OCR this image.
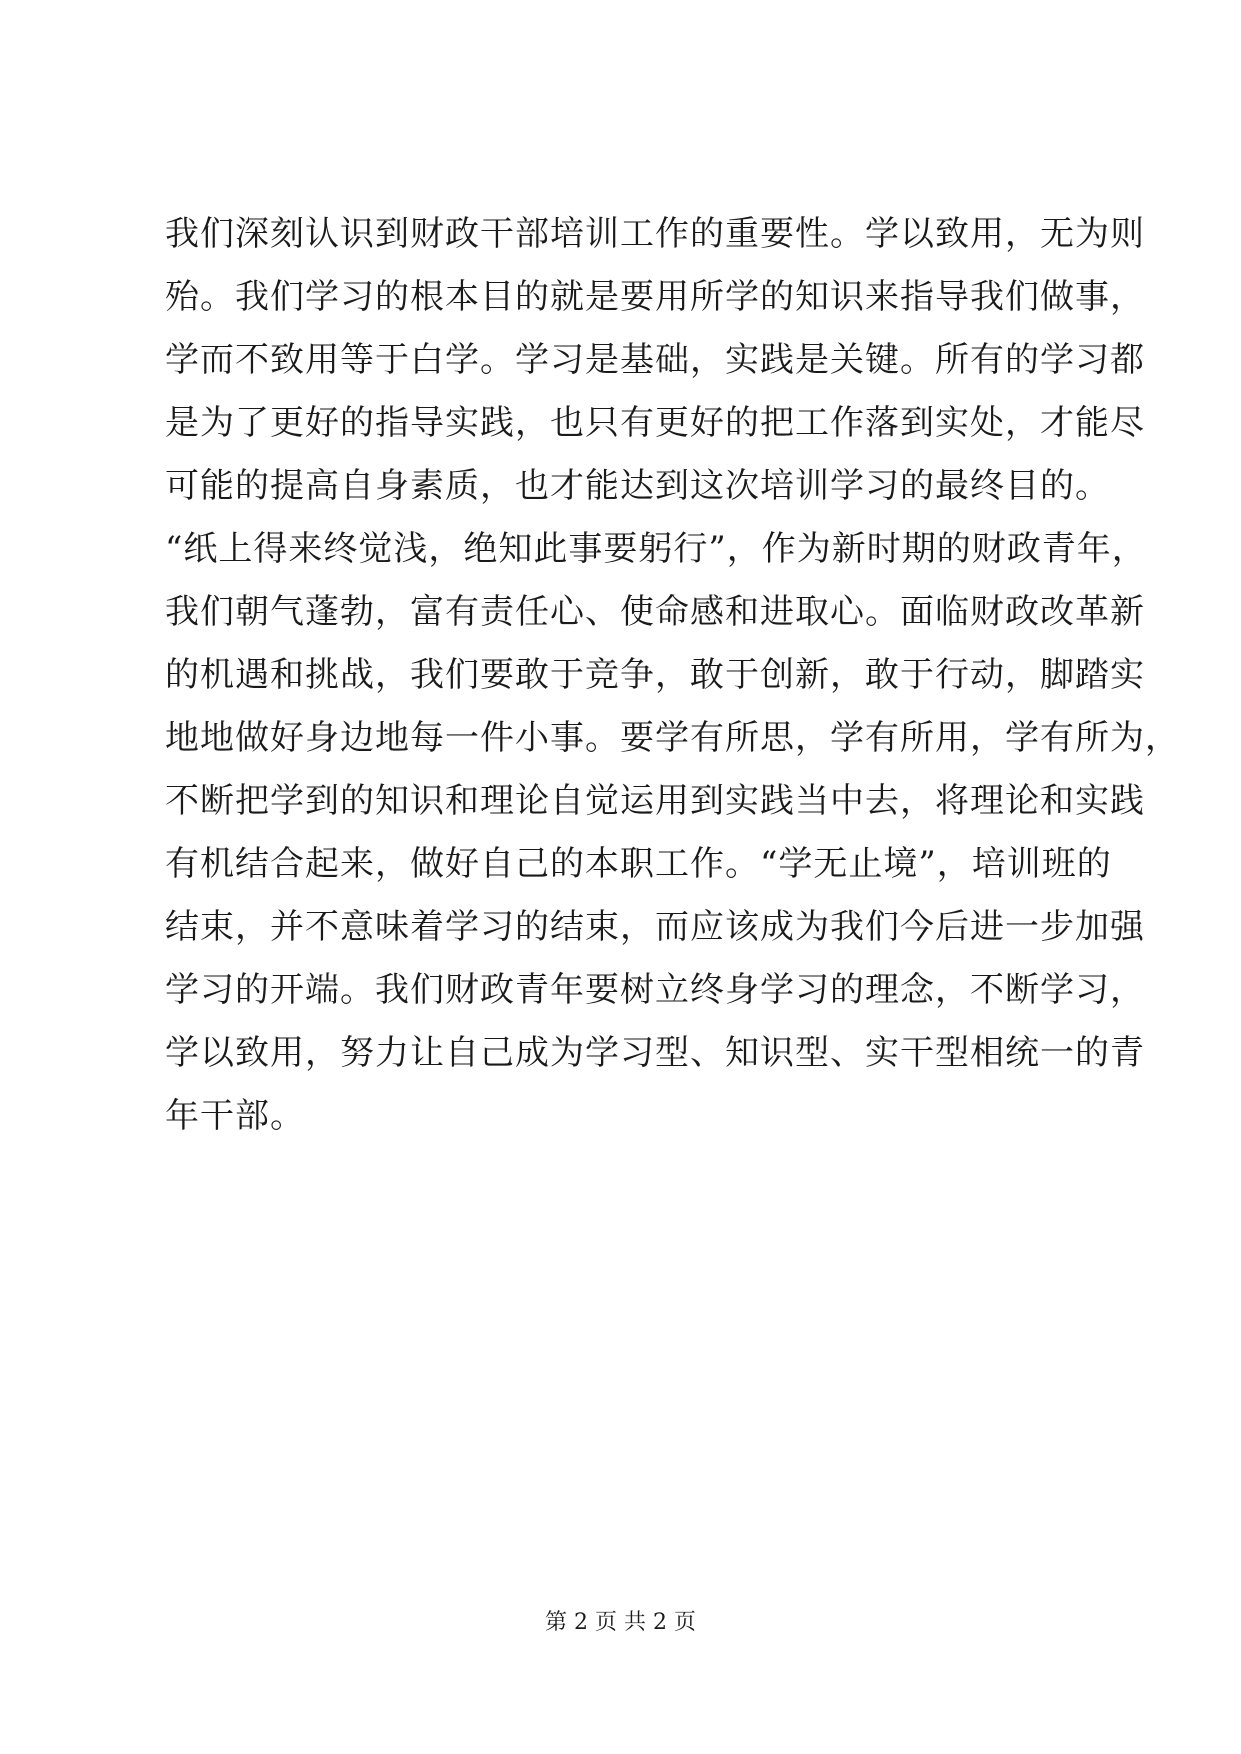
我们深刻认识到财政干部培训工作的重要性。学以致用，无为则
殆。我们学习的根本目的就是要用所学的知识来指导我们做事，
学而不致用等于白学。学习是基础，实践是关键。所有的学习都
是为了更好的指导实践，也只有更好的把工作落到实处，才能尽
可能的提高自身素质，也才能达到这次培训学习的最终目的。
“纸上得来终觉浅，绝知此事要躬行”，作为新时期的财政青年，
我们朝气蓬勃，富有责任心、使命感和进取心。面临财政改革新
的机遇和挑战，我们要敢于竞争，敢于创新，敢于行动，脚踏实
地地做好身边地每一件小事。要学有所思，学有所用，学有所为，
不断把学到的知识和理论自觉运用到实践当中去，将理论和实践
有机结合起来，做好自己的本职工作。“学无止境”，培训班的
结束，并不意味着学习的结束，而应该成为我们今后进一步加强
学习的开端。我们财政青年要树立终身学习的理念，不断学习，
学以致用，努力让自己成为学习型、知识型、实干型相统一的青
年干部。
第 2 页 共 2 页
